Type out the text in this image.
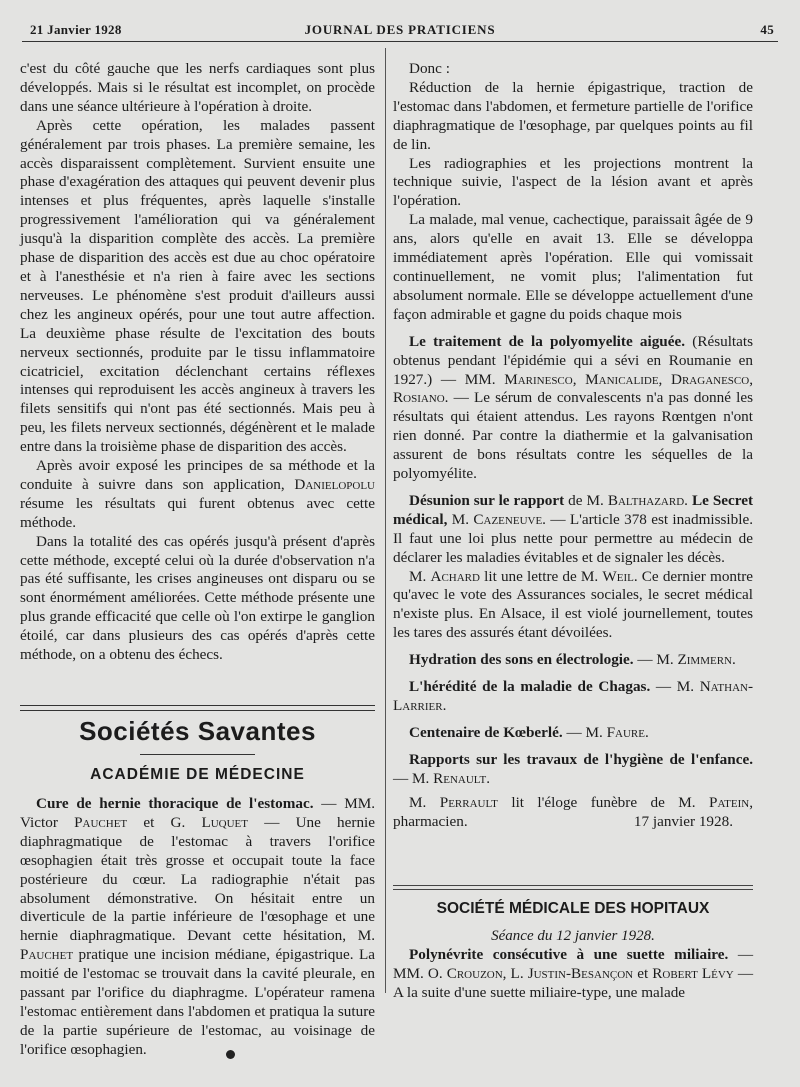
21 Janvier 1928	JOURNAL DES PRATICIENS	45

c'est du côté gauche que les nerfs cardiaques sont plus développés. Mais si le résultat est incomplet, on procède dans une séance ultérieure à l'opération à droite.

Après cette opération, les malades passent généralement par trois phases. La première semaine, les accès disparaissent complètement. Survient ensuite une phase d'exagération des attaques qui peuvent devenir plus intenses et plus fréquentes, après laquelle s'installe progressivement l'amélioration qui va généralement jusqu'à la disparition complète des accès. La première phase de disparition des accès est due au choc opératoire et à l'anesthésie et n'a rien à faire avec les sections nerveuses. Le phénomène s'est produit d'ailleurs aussi chez les angineux opérés, pour une tout autre affection. La deuxième phase résulte de l'excitation des bouts nerveux sectionnés, produite par le tissu inflammatoire cicatriciel, excitation déclenchant certains réflexes intenses qui reproduisent les accès angineux à travers les filets sensitifs qui n'ont pas été sectionnés. Mais peu à peu, les filets nerveux sectionnés, dégénèrent et le malade entre dans la troisième phase de disparition des accès.

Après avoir exposé les principes de sa méthode et la conduite à suivre dans son application, Danielopolu résume les résultats qui furent obtenus avec cette méthode.

Dans la totalité des cas opérés jusqu'à présent d'après cette méthode, excepté celui où la durée d'observation n'a pas été suffisante, les crises angineuses ont disparu ou se sont énormément améliorées. Cette méthode présente une plus grande efficacité que celle où l'on extirpe le ganglion étoilé, car dans plusieurs des cas opérés d'après cette méthode, on a obtenu des échecs.

Sociétés Savantes
ACADÉMIE DE MÉDECINE

Cure de hernie thoracique de l'estomac. — MM. Victor Pauchet et G. Luquet — Une hernie diaphragmatique de l'estomac à travers l'orifice œsophagien était très grosse et occupait toute la face postérieure du cœur. La radiographie n'était pas absolument démonstrative. On hésitait entre un diverticule de la partie inférieure de l'œsophage et une hernie diaphragmatique. Devant cette hésitation, M. Pauchet pratique une incision médiane, épigastrique. La moitié de l'estomac se trouvait dans la cavité pleurale, en passant par l'orifice du diaphragme. L'opérateur ramena l'estomac entièrement dans l'abdomen et pratiqua la suture de la partie supérieure de l'estomac, au voisinage de l'orifice œsophagien.

Donc :

Réduction de la hernie épigastrique, traction de l'estomac dans l'abdomen, et fermeture partielle de l'orifice diaphragmatique de l'œsophage, par quelques points au fil de lin.

Les radiographies et les projections montrent la technique suivie, l'aspect de la lésion avant et après l'opération.

La malade, mal venue, cachectique, paraissait âgée de 9 ans, alors qu'elle en avait 13. Elle se développa immédiatement après l'opération. Elle qui vomissait continuellement, ne vomit plus; l'alimentation fut absolument normale. Elle se développe actuellement d'une façon admirable et gagne du poids chaque mois

Le traitement de la polyomyelite aiguée. (Résultats obtenus pendant l'épidémie qui a sévi en Roumanie en 1927.) — MM. Marinesco, Manicalide, Draganesco, Rosiano. — Le sérum de convalescents n'a pas donné les résultats qui étaient attendus. Les rayons Rœntgen n'ont rien donné. Par contre la diathermie et la galvanisation assurent de bons résultats contre les séquelles de la polyomyélite.

Désunion sur le rapport de M. Balthazard. Le Secret médical, M. Cazeneuve. — L'article 378 est inadmissible. Il faut une loi plus nette pour permettre au médecin de déclarer les maladies évitables et de signaler les décès.

M. Achard lit une lettre de M. Weil. Ce dernier montre qu'avec le vote des Assurances sociales, le secret médical n'existe plus. En Alsace, il est violé journellement, toutes les tares des assurés étant dévoilées.

Hydration des sons en électrologie. — M. Zimmern.

L'hérédité de la maladie de Chagas. — M. Nathan-Larrier.

Centenaire de Kœberlé. — M. Faure.

Rapports sur les travaux de l'hygiène de l'enfance. — M. Renault.

M. Perrault lit l'éloge funèbre de M. Patein, pharmacien.	17 janvier 1928.

SOCIÉTÉ MÉDICALE DES HOPITAUX
Séance du 12 janvier 1928.

Polynévrite consécutive à une suette miliaire. — MM. O. Crouzon, L. Justin-Besançon et Robert Lévy — A la suite d'une suette miliaire-type, une malade
